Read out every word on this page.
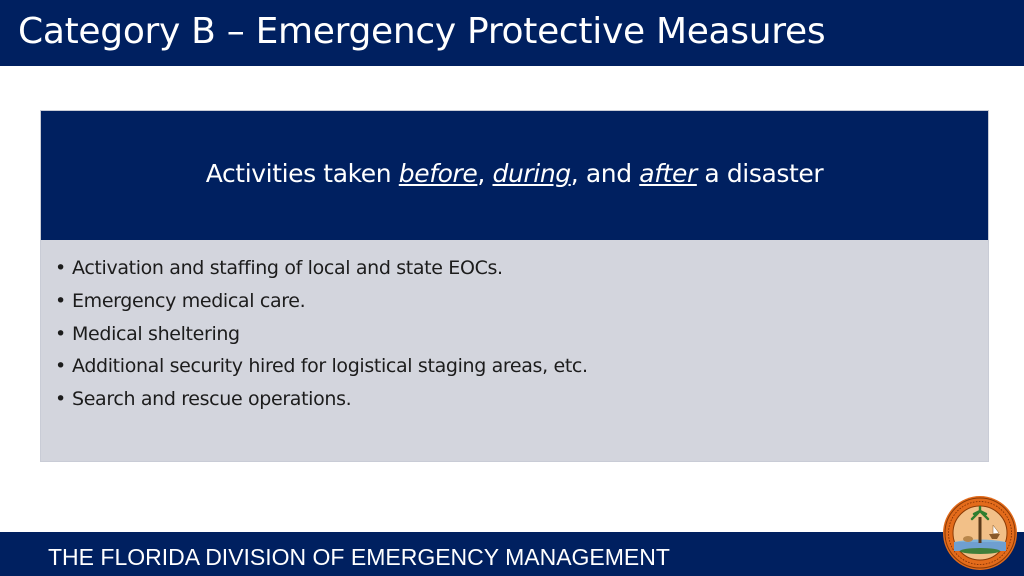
Category B – Emergency Protective Measures
Activities taken before, during, and after a disaster
• Activation and staffing of local and state EOCs.
• Emergency medical care.
• Medical sheltering
• Additional security hired for logistical staging areas, etc.
• Search and rescue operations.
THE FLORIDA DIVISION OF EMERGENCY MANAGEMENT
